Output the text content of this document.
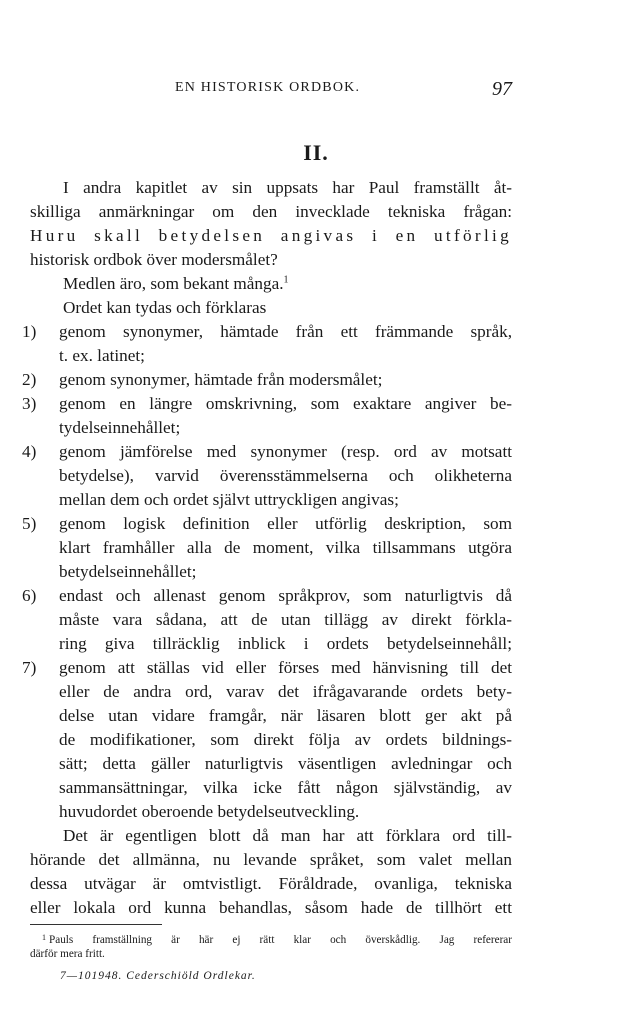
EN HISTORISK ORDBOK.	97
II.
I andra kapitlet av sin uppsats har Paul framställt åt-
skilliga anmärkningar om den invecklade tekniska frågan:
Huru skall betydelsen angivas i en utförlig
historisk ordbok över modersmålet?
Medlen äro, som bekant många.$^1$
Ordet kan tydas och förklaras
1)	genom synonymer, hämtade från ett främmande språk,
t. ex. latinet;
2)	genom synonymer, hämtade från modersmålet;
3)	genom en längre omskrivning, som exaktare angiver be-
tydelseinnehållet;
4)	genom jämförelse med synonymer (resp. ord av motsatt
betydelse), varvid överensstämmelserna och olikheterna
mellan dem och ordet självt uttryckligen angivas;
5)	genom logisk definition eller utförlig deskription, som
klart framhåller alla de moment, vilka tillsammans utgöra
betydelseinnehållet;
6)	endast och allenast genom språkprov, som naturligtvis då
måste vara sådana, att de utan tillägg av direkt förkla-
ring giva tillräcklig inblick i ordets betydelseinnehåll;
7)	genom att ställas vid eller förses med hänvisning till det
eller de andra ord, varav det ifrågavarande ordets bety-
delse utan vidare framgår, när läsaren blott ger akt på
de modifikationer, som direkt följa av ordets bildnings-
sätt; detta gäller naturligtvis väsentligen avledningar och
sammansättningar, vilka icke fått någon självständig, av
huvudordet oberoende betydelseutveckling.
Det är egentligen blott då man har att förklara ord till-
hörande det allmänna, nu levande språket, som valet mellan
dessa utvägar är omtvistligt. Föråldrade, ovanliga, tekniska
eller lokala ord kunna behandlas, såsom hade de tillhört ett
$^1$ Pauls framställning är här ej rätt klar och överskådlig. Jag refererar
därför mera fritt.
7—101948. Cederschiöld Ordlekar.
